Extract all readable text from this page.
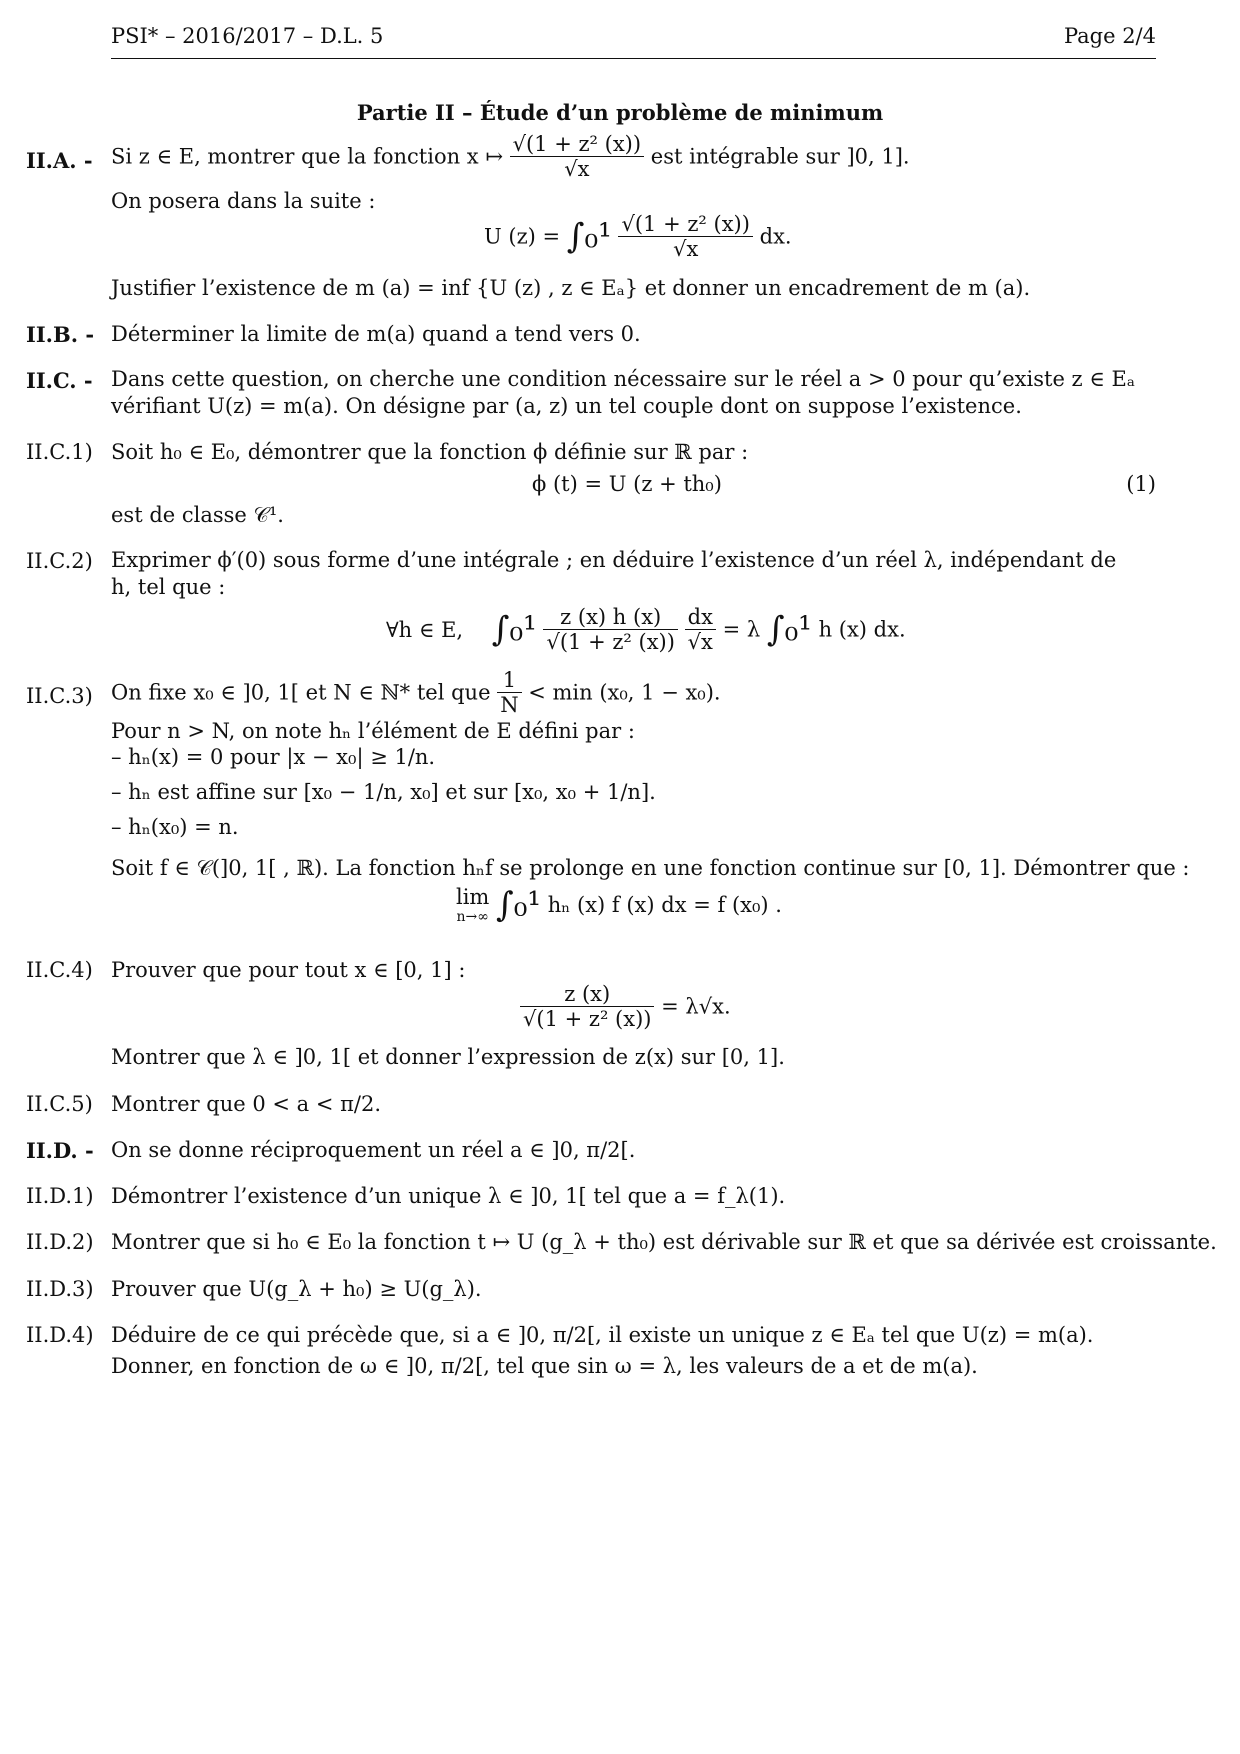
PSI* – 2016/2017 – D.L. 5	Page 2/4
Partie II – Étude d’un problème de minimum
II.A. - Si z ∈ E, montrer que la fonction x ↦ $\frac{\text{√(1 + z² (x))}}{√x}$ est intégrable sur ]0, 1].
On posera dans la suite :
U $(z) = \int_0^1 \frac{\text{√(1 + z² (x))}}{√x}$ dx.
Justifier l’existence de m (a) = inf {U (z) , z ∈ Eₐ} et donner un encadrement de m (a).
II.B. - Déterminer la limite de m(a) quand a tend vers 0.
II.C. - Dans cette question, on cherche une condition nécessaire sur le réel a > 0 pour qu’existe z ∈ Eₐ vérifiant U(z) = m(a). On désigne par (a, z) un tel couple dont on suppose l’existence.
II.C.1) Soit h₀ ∈ E₀, démontrer que la fonction ϕ définie sur ℝ par :
ϕ (t) = U (z + th₀)	(1)
est de classe 𝒞¹.
II.C.2) Exprimer ϕ′(0) sous forme d’une intégrale ; en déduire l’existence d’un réel λ, indépendant de h, tel que :
∀h ∈ E, $\int_0^1 \frac{z (x) h (x)}{\text{√(1 + z² (x))}}$
$\frac{dx}{√x} = \lambda$ ∫₀¹ h (x) dx.
II.C.3) On fixe x₀ ∈ ]0, 1[ et N ∈ ℕ* tel que $\frac{1}{N} < \min (x_0$, 1 − x₀).
Pour n > N, on note hₙ l’élément de E défini par :
– hₙ(x) = 0 pour |x − x₀| ≥ 1/n.
– hₙ est affine sur [x₀ − 1/n, x₀] et sur [x₀, x₀ + 1/n].
– hₙ(x₀) = n.
Soit f ∈ 𝒞(]0, 1[ , ℝ). La fonction hₙf se prolonge en une fonction continue sur [0, 1]. Démontrer que :
lim
n→∞ ∫₀¹ hₙ (x) f (x) dx = f (x₀) .
II.C.4) Prouver que pour tout x ∈ [0, 1] :
$\frac{z (x)}{\text{√(1 + z² (x))}} = \lambda√x$.
Montrer que λ ∈ ]0, 1[ et donner l’expression de z(x) sur [0, 1].
II.C.5) Montrer que 0 < a < π/2.
II.D. - On se donne réciproquement un réel a ∈ ]0, π/2[.
II.D.1) Démontrer l’existence d’un unique λ ∈ ]0, 1[ tel que a = f_λ(1).
II.D.2) Montrer que si h₀ ∈ E₀ la fonction t ↦ U (g_λ + th₀) est dérivable sur ℝ et que sa dérivée est croissante.
II.D.3) Prouver que U(g_λ + h₀) ≥ U(g_λ).
II.D.4) Déduire de ce qui précède que, si a ∈ ]0, π/2[, il existe un unique z ∈ Eₐ tel que U(z) = m(a).
Donner, en fonction de ω ∈ ]0, π/2[, tel que sin ω = λ, les valeurs de a et de m(a).
